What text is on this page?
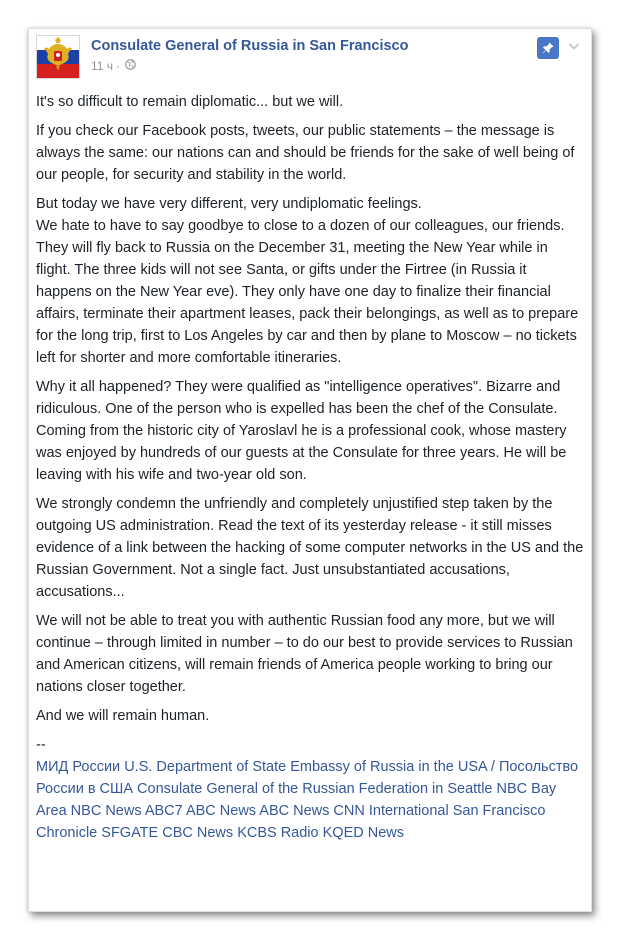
Consulate General of Russia in San Francisco
11 ч ·

It's so difficult to remain diplomatic... but we will.

If you check our Facebook posts, tweets, our public statements – the message is always the same: our nations can and should be friends for the sake of well being of our people, for security and stability in the world.

But today we have very different, very undiplomatic feelings.
We hate to have to say goodbye to close to a dozen of our colleagues, our friends. They will fly back to Russia on the December 31, meeting the New Year while in flight. The three kids will not see Santa, or gifts under the Firtree (in Russia it happens on the New Year eve). They only have one day to finalize their financial affairs, terminate their apartment leases, pack their belongings, as well as to prepare for the long trip, first to Los Angeles by car and then by plane to Moscow – no tickets left for shorter and more comfortable itineraries.

Why it all happened? They were qualified as "intelligence operatives". Bizarre and ridiculous. One of the person who is expelled has been the chef of the Consulate. Coming from the historic city of Yaroslavl he is a professional cook, whose mastery was enjoyed by hundreds of our guests at the Consulate for three years. He will be leaving with his wife and two-year old son.

We strongly condemn the unfriendly and completely unjustified step taken by the outgoing US administration. Read the text of its yesterday release - it still misses evidence of a link between the hacking of some computer networks in the US and the Russian Government. Not a single fact. Just unsubstantiated accusations, accusations...

We will not be able to treat you with authentic Russian food any more, but we will continue – through limited in number – to do our best to provide services to Russian and American citizens, will remain friends of America people working to bring our nations closer together.

And we will remain human.

--
МИД России U.S. Department of State Embassy of Russia in the USA / Посольство России в США Consulate General of the Russian Federation in Seattle NBC Bay Area NBC News ABC7 ABC News ABC News CNN International San Francisco Chronicle SFGATE CBC News KCBS Radio KQED News
